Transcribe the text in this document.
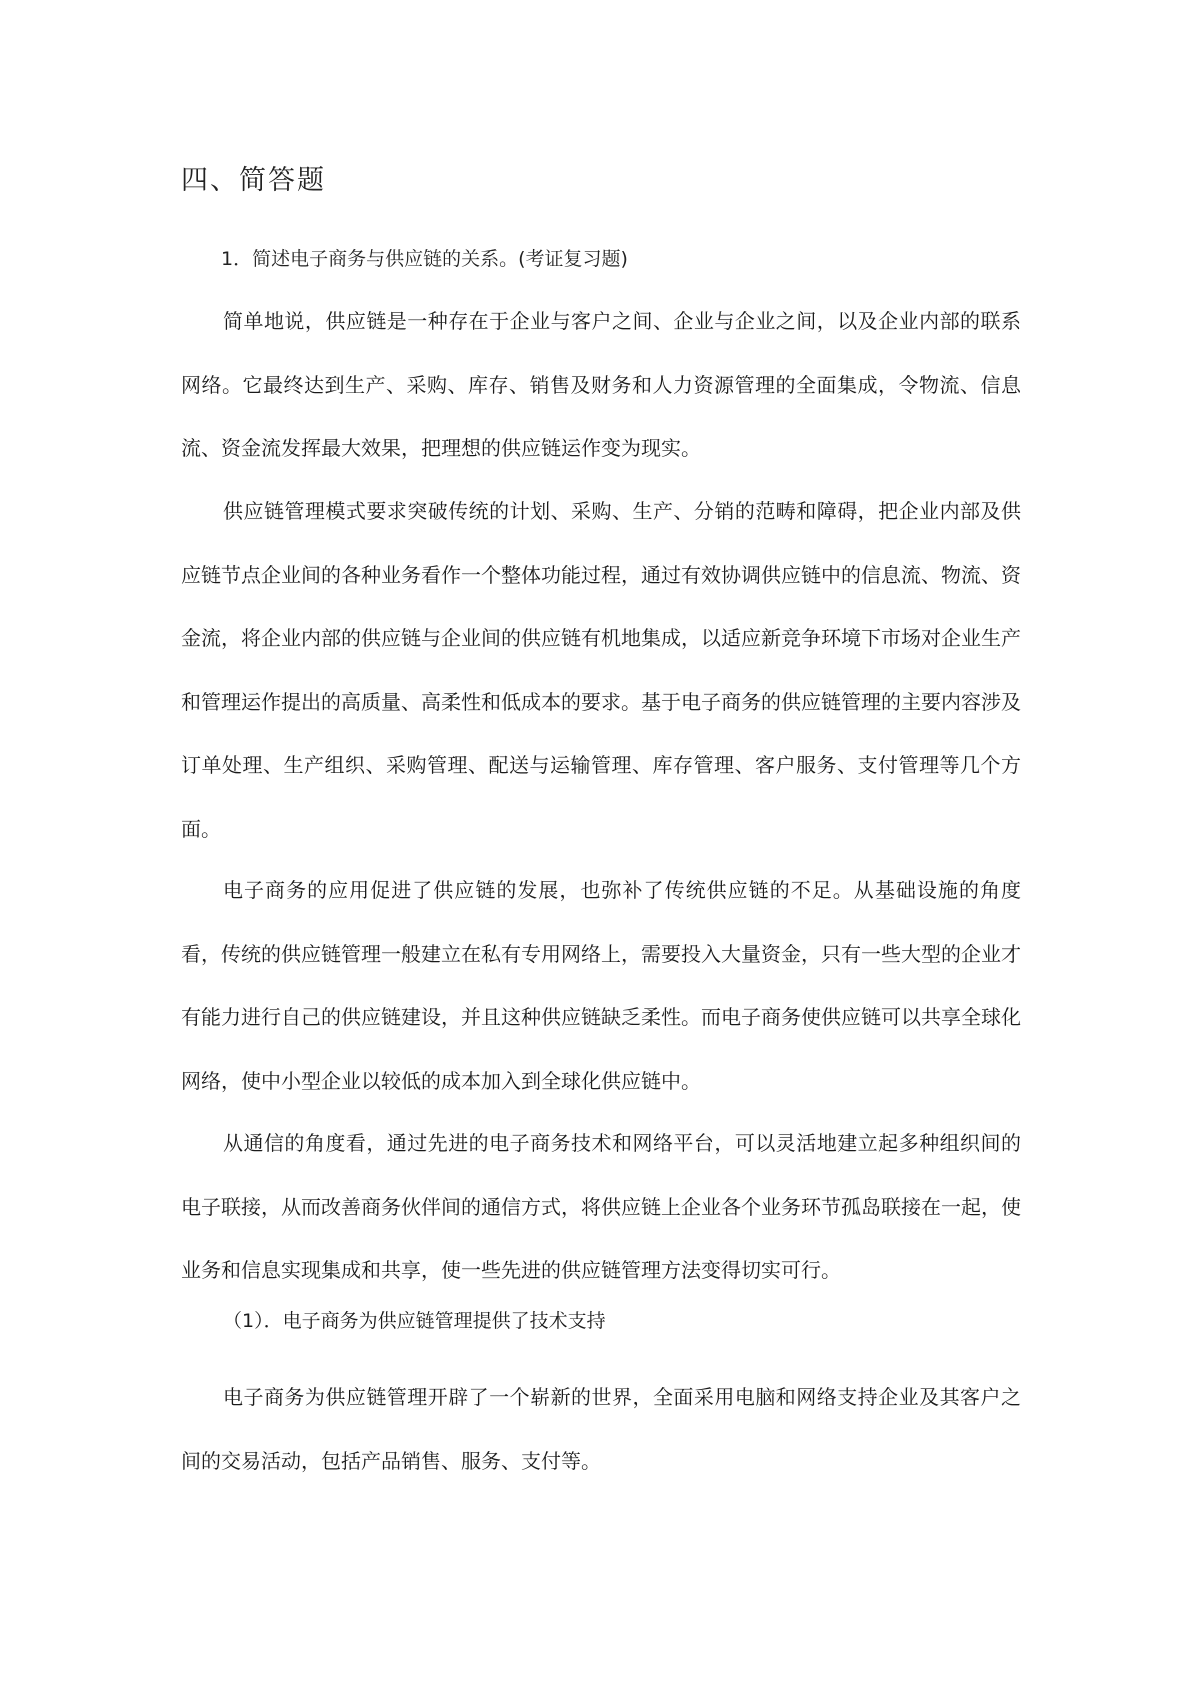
四、简答题

1．简述电子商务与供应链的关系。(考证复习题)

简单地说，供应链是一种存在于企业与客户之间、企业与企业之间，以及企业内部的联系网络。它最终达到生产、采购、库存、销售及财务和人力资源管理的全面集成，令物流、信息流、资金流发挥最大效果，把理想的供应链运作变为现实。

供应链管理模式要求突破传统的计划、采购、生产、分销的范畴和障碍，把企业内部及供应链节点企业间的各种业务看作一个整体功能过程，通过有效协调供应链中的信息流、物流、资金流，将企业内部的供应链与企业间的供应链有机地集成，以适应新竞争环境下市场对企业生产和管理运作提出的高质量、高柔性和低成本的要求。基于电子商务的供应链管理的主要内容涉及订单处理、生产组织、采购管理、配送与运输管理、库存管理、客户服务、支付管理等几个方面。

电子商务的应用促进了供应链的发展，也弥补了传统供应链的不足。从基础设施的角度看，传统的供应链管理一般建立在私有专用网络上，需要投入大量资金，只有一些大型的企业才有能力进行自己的供应链建设，并且这种供应链缺乏柔性。而电子商务使供应链可以共享全球化网络，使中小型企业以较低的成本加入到全球化供应链中。

从通信的角度看，通过先进的电子商务技术和网络平台，可以灵活地建立起多种组织间的电子联接，从而改善商务伙伴间的通信方式，将供应链上企业各个业务环节孤岛联接在一起，使业务和信息实现集成和共享，使一些先进的供应链管理方法变得切实可行。

（1）．电子商务为供应链管理提供了技术支持

电子商务为供应链管理开辟了一个崭新的世界，全面采用电脑和网络支持企业及其客户之间的交易活动，包括产品销售、服务、支付等。
